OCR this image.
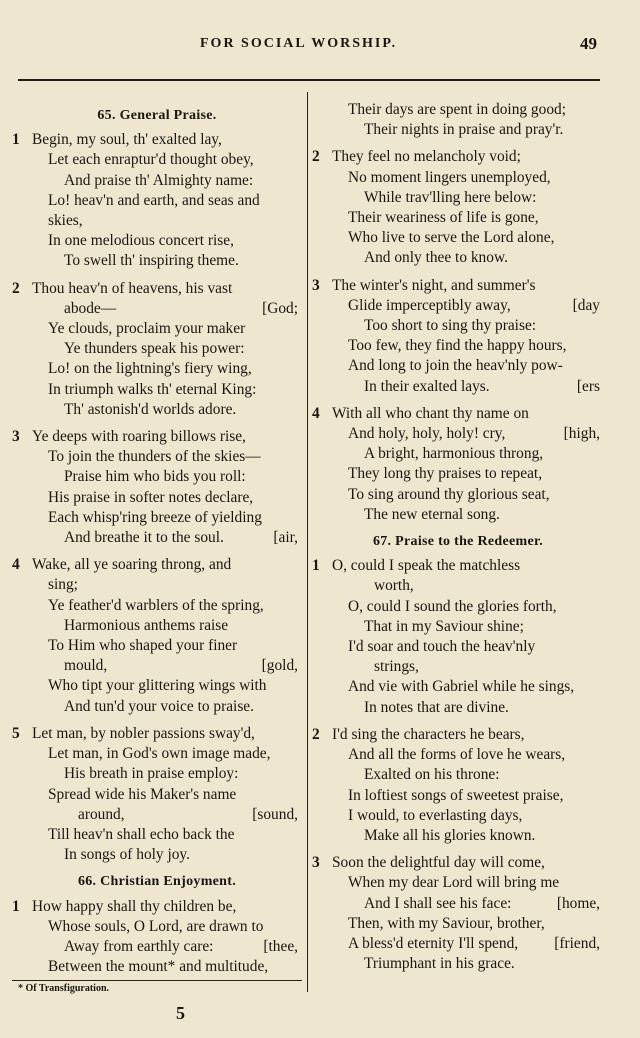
FOR SOCIAL WORSHIP.	49
65. General Praise.
1 Begin, my soul, th' exalted lay,
Let each enraptur'd thought obey,
And praise th' Almighty name:
Lo! heav'n and earth, and seas and
skies,
In one melodious concert rise,
To swell th' inspiring theme.
2 Thou heav'n of heavens, his vast
abode—	[God;
Ye clouds, proclaim your maker
Ye thunders speak his power:
Lo! on the lightning's fiery wing,
In triumph walks th' eternal King:
Th' astonish'd worlds adore.
3 Ye deeps with roaring billows rise,
To join the thunders of the skies—
Praise him who bids you roll:
His praise in softer notes declare,
Each whisp'ring breeze of yielding
And breathe it to the soul.	[air,
4 Wake, all ye soaring throng, and
sing;
Ye feather'd warblers of the spring,
Harmonious anthems raise
To Him who shaped your finer
mould,	[gold,
Who tipt your glittering wings with
And tun'd your voice to praise.
5 Let man, by nobler passions sway'd,
Let man, in God's own image made,
His breath in praise employ:
Spread wide his Maker's name
around,	[sound,
Till heav'n shall echo back the
In songs of holy joy.
66. Christian Enjoyment.
1 How happy shall thy children be,
Whose souls, O Lord, are drawn to
Away from earthly care:	[thee,
Between the mount* and multitude,
* Of Transfiguration.
Their days are spent in doing good;
Their nights in praise and pray'r.
2 They feel no melancholy void;
No moment lingers unemployed,
While trav'lling here below:
Their weariness of life is gone,
Who live to serve the Lord alone,
And only thee to know.
3 The winter's night, and summer's
Glide imperceptibly away,	[day
Too short to sing thy praise:
Too few, they find the happy hours,
And long to join the heav'nly pow-
In their exalted lays.	[ers
4 With all who chant thy name on
And holy, holy, holy! cry,	[high,
A bright, harmonious throng,
They long thy praises to repeat,
To sing around thy glorious seat,
The new eternal song.
67. Praise to the Redeemer.
1 O, could I speak the matchless
worth,
O, could I sound the glories forth,
That in my Saviour shine;
I'd soar and touch the heav'nly
strings,
And vie with Gabriel while he sings,
In notes that are divine.
2 I'd sing the characters he bears,
And all the forms of love he wears,
Exalted on his throne:
In loftiest songs of sweetest praise,
I would, to everlasting days,
Make all his glories known.
3 Soon the delightful day will come,
When my dear Lord will bring me
And I shall see his face:	[home,
Then, with my Saviour, brother,
A bless'd eternity I'll spend, [friend,
Triumphant in his grace.
5
